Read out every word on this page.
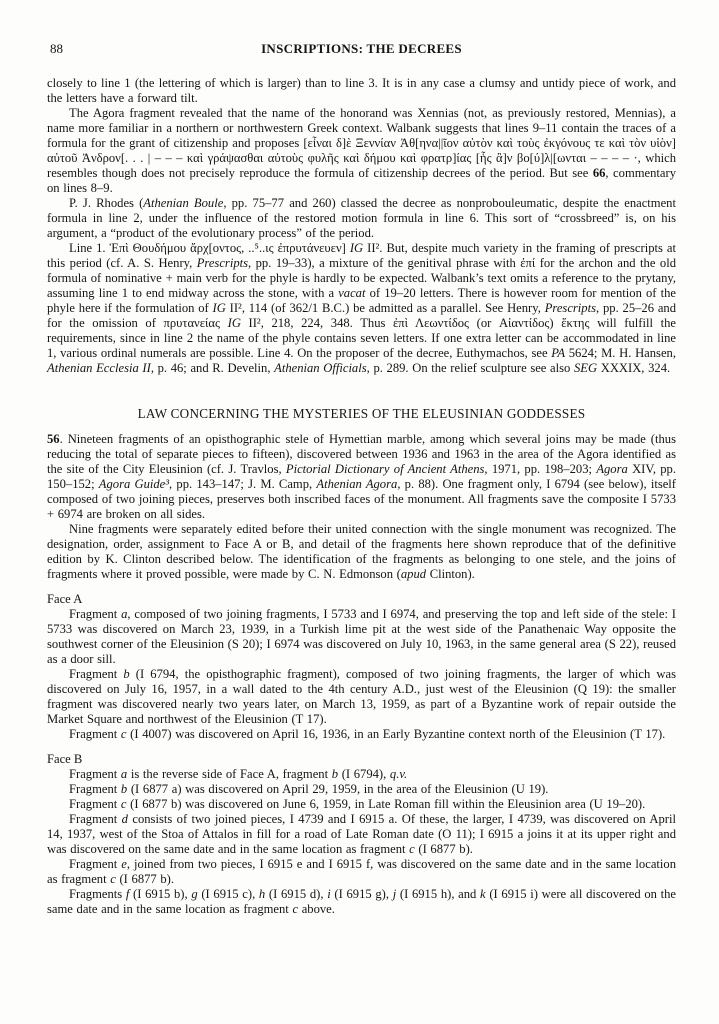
88	INSCRIPTIONS: THE DECREES

closely to line 1 (the lettering of which is larger) than to line 3. It is in any case a clumsy and untidy piece of work, and the letters have a forward tilt.

The Agora fragment revealed that the name of the honorand was Xennias (not, as previously restored, Mennias), a name more familiar in a northern or northwestern Greek context. Walbank suggests that lines 9–11 contain the traces of a formula for the grant of citizenship and proposes [εἶναι δ]ὲ Ξεννίαν Ἀθ[ηνα||ῖον αὐτὸν καὶ τοὺς ἐκγόνους τε καὶ τὸν υἱὸν] αὐτοῦ Ἀνδρον[. . . | – – – καὶ γράψασθαι αὐτοὺς φυλῆς καὶ δήμου καὶ φρατρ]ίας [ἧς ἂ]ν βο[ύ]λ|[ωνται – – – – ·, which resembles though does not precisely reproduce the formula of citizenship decrees of the period. But see 66, commentary on lines 8–9.

P. J. Rhodes (Athenian Boule, pp. 75–77 and 260) classed the decree as nonprobouleumatic, despite the enactment formula in line 2, under the influence of the restored motion formula in line 6. This sort of “crossbreed” is, on his argument, a “product of the evolutionary process” of the period.

Line 1. Ἐπὶ Θουδήμου ἄρχ[οντος, ..⁵..ις ἐπρυτάνευεν] IG II². But, despite much variety in the framing of prescripts at this period (cf. A. S. Henry, Prescripts, pp. 19–33), a mixture of the genitival phrase with ἐπί for the archon and the old formula of nominative + main verb for the phyle is hardly to be expected. Walbank’s text omits a reference to the prytany, assuming line 1 to end midway across the stone, with a vacat of 19–20 letters. There is however room for mention of the phyle here if the formulation of IG II², 114 (of 362/1 B.C.) be admitted as a parallel. See Henry, Prescripts, pp. 25–26 and for the omission of πρυτανείας IG II², 218, 224, 348. Thus ἐπὶ Λεωντίδος (or Αἰαντίδος) ἕκτης will fulfill the requirements, since in line 2 the name of the phyle contains seven letters. If one extra letter can be accommodated in line 1, various ordinal numerals are possible. Line 4. On the proposer of the decree, Euthymachos, see PA 5624; M. H. Hansen, Athenian Ecclesia II, p. 46; and R. Develin, Athenian Officials, p. 289. On the relief sculpture see also SEG XXXIX, 324.

LAW CONCERNING THE MYSTERIES OF THE ELEUSINIAN GODDESSES

56. Nineteen fragments of an opisthographic stele of Hymettian marble, among which several joins may be made (thus reducing the total of separate pieces to fifteen), discovered between 1936 and 1963 in the area of the Agora identified as the site of the City Eleusinion (cf. J. Travlos, Pictorial Dictionary of Ancient Athens, 1971, pp. 198–203; Agora XIV, pp. 150–152; Agora Guide³, pp. 143–147; J. M. Camp, Athenian Agora, p. 88). One fragment only, I 6794 (see below), itself composed of two joining pieces, preserves both inscribed faces of the monument. All fragments save the composite I 5733 + 6974 are broken on all sides.

Nine fragments were separately edited before their united connection with the single monument was recognized. The designation, order, assignment to Face A or B, and detail of the fragments here shown reproduce that of the definitive edition by K. Clinton described below. The identification of the fragments as belonging to one stele, and the joins of fragments where it proved possible, were made by C. N. Edmonson (apud Clinton).

Face A

Fragment a, composed of two joining fragments, I 5733 and I 6974, and preserving the top and left side of the stele: I 5733 was discovered on March 23, 1939, in a Turkish lime pit at the west side of the Panathenaic Way opposite the southwest corner of the Eleusinion (S 20); I 6974 was discovered on July 10, 1963, in the same general area (S 22), reused as a door sill.

Fragment b (I 6794, the opisthographic fragment), composed of two joining fragments, the larger of which was discovered on July 16, 1957, in a wall dated to the 4th century A.D., just west of the Eleusinion (Q 19): the smaller fragment was discovered nearly two years later, on March 13, 1959, as part of a Byzantine work of repair outside the Market Square and northwest of the Eleusinion (T 17).

Fragment c (I 4007) was discovered on April 16, 1936, in an Early Byzantine context north of the Eleusinion (T 17).

Face B

Fragment a is the reverse side of Face A, fragment b (I 6794), q.v.

Fragment b (I 6877 a) was discovered on April 29, 1959, in the area of the Eleusinion (U 19).

Fragment c (I 6877 b) was discovered on June 6, 1959, in Late Roman fill within the Eleusinion area (U 19–20).

Fragment d consists of two joined pieces, I 4739 and I 6915 a. Of these, the larger, I 4739, was discovered on April 14, 1937, west of the Stoa of Attalos in fill for a road of Late Roman date (O 11); I 6915 a joins it at its upper right and was discovered on the same date and in the same location as fragment c (I 6877 b).

Fragment e, joined from two pieces, I 6915 e and I 6915 f, was discovered on the same date and in the same location as fragment c (I 6877 b).

Fragments f (I 6915 b), g (I 6915 c), h (I 6915 d), i (I 6915 g), j (I 6915 h), and k (I 6915 i) were all discovered on the same date and in the same location as fragment c above.
